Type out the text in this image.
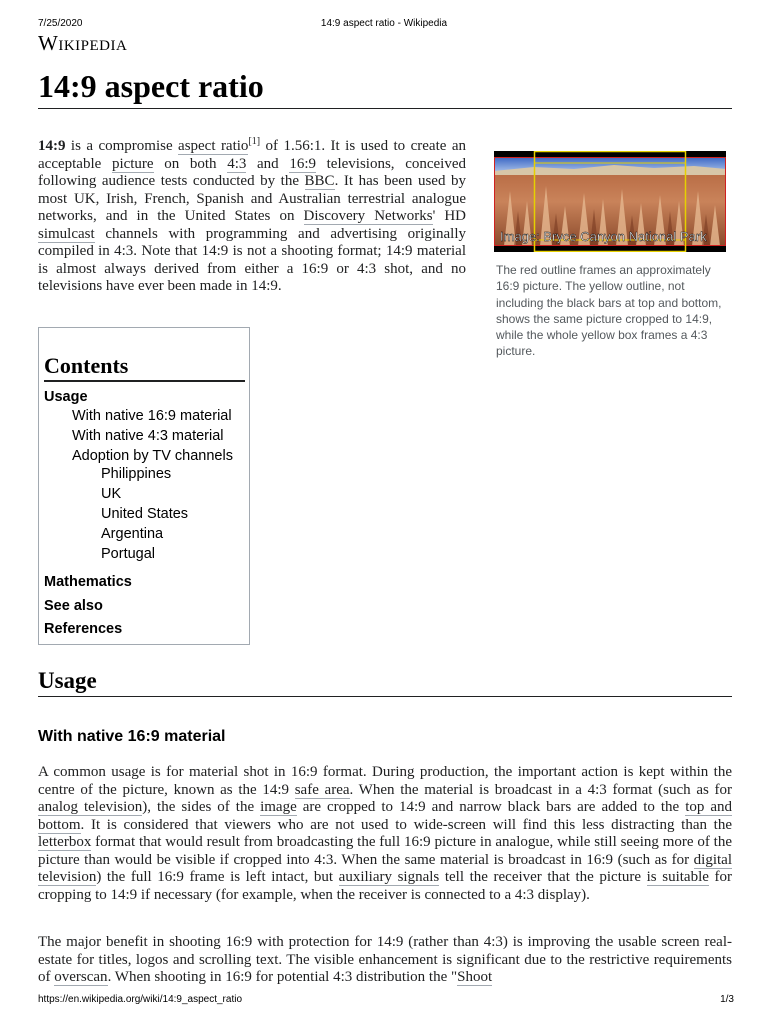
7/25/2020	14:9 aspect ratio - Wikipedia
Wikipedia
14:9 aspect ratio

14:9 is a compromise aspect ratio[1] of 1.56:1. It is used to create an acceptable picture on both 4:3 and 16:9 televisions, conceived following audience tests conducted by the BBC. It has been used by most UK, Irish, French, Spanish and Australian terrestrial analogue networks, and in the United States on Discovery Networks' HD simulcast channels with programming and advertising originally compiled in 4:3. Note that 14:9 is not a shooting format; 14:9 material is almost always derived from either a 16:9 or 4:3 shot, and no televisions have ever been made in 14:9.

Image: Bryce Canyon National Park

The red outline frames an approximately 16:9 picture. The yellow outline, not including the black bars at top and bottom, shows the same picture cropped to 14:9, while the whole yellow box frames a 4:3 picture.

Contents
Usage
With native 16:9 material
With native 4:3 material
Adoption by TV channels
Philippines
UK
United States
Argentina
Portugal
Mathematics
See also
References
Usage
With native 16:9 material

A common usage is for material shot in 16:9 format. During production, the important action is kept within the centre of the picture, known as the 14:9 safe area. When the material is broadcast in a 4:3 format (such as for analog television), the sides of the image are cropped to 14:9 and narrow black bars are added to the top and bottom. It is considered that viewers who are not used to wide-screen will find this less distracting than the letterbox format that would result from broadcasting the full 16:9 picture in analogue, while still seeing more of the picture than would be visible if cropped into 4:3. When the same material is broadcast in 16:9 (such as for digital television) the full 16:9 frame is left intact, but auxiliary signals tell the receiver that the picture is suitable for cropping to 14:9 if necessary (for example, when the receiver is connected to a 4:3 display).

The major benefit in shooting 16:9 with protection for 14:9 (rather than 4:3) is improving the usable screen real-estate for titles, logos and scrolling text. The visible enhancement is significant due to the restrictive requirements of overscan. When shooting in 16:9 for potential 4:3 distribution the "Shoot

https://en.wikipedia.org/wiki/14:9_aspect_ratio	1/3
